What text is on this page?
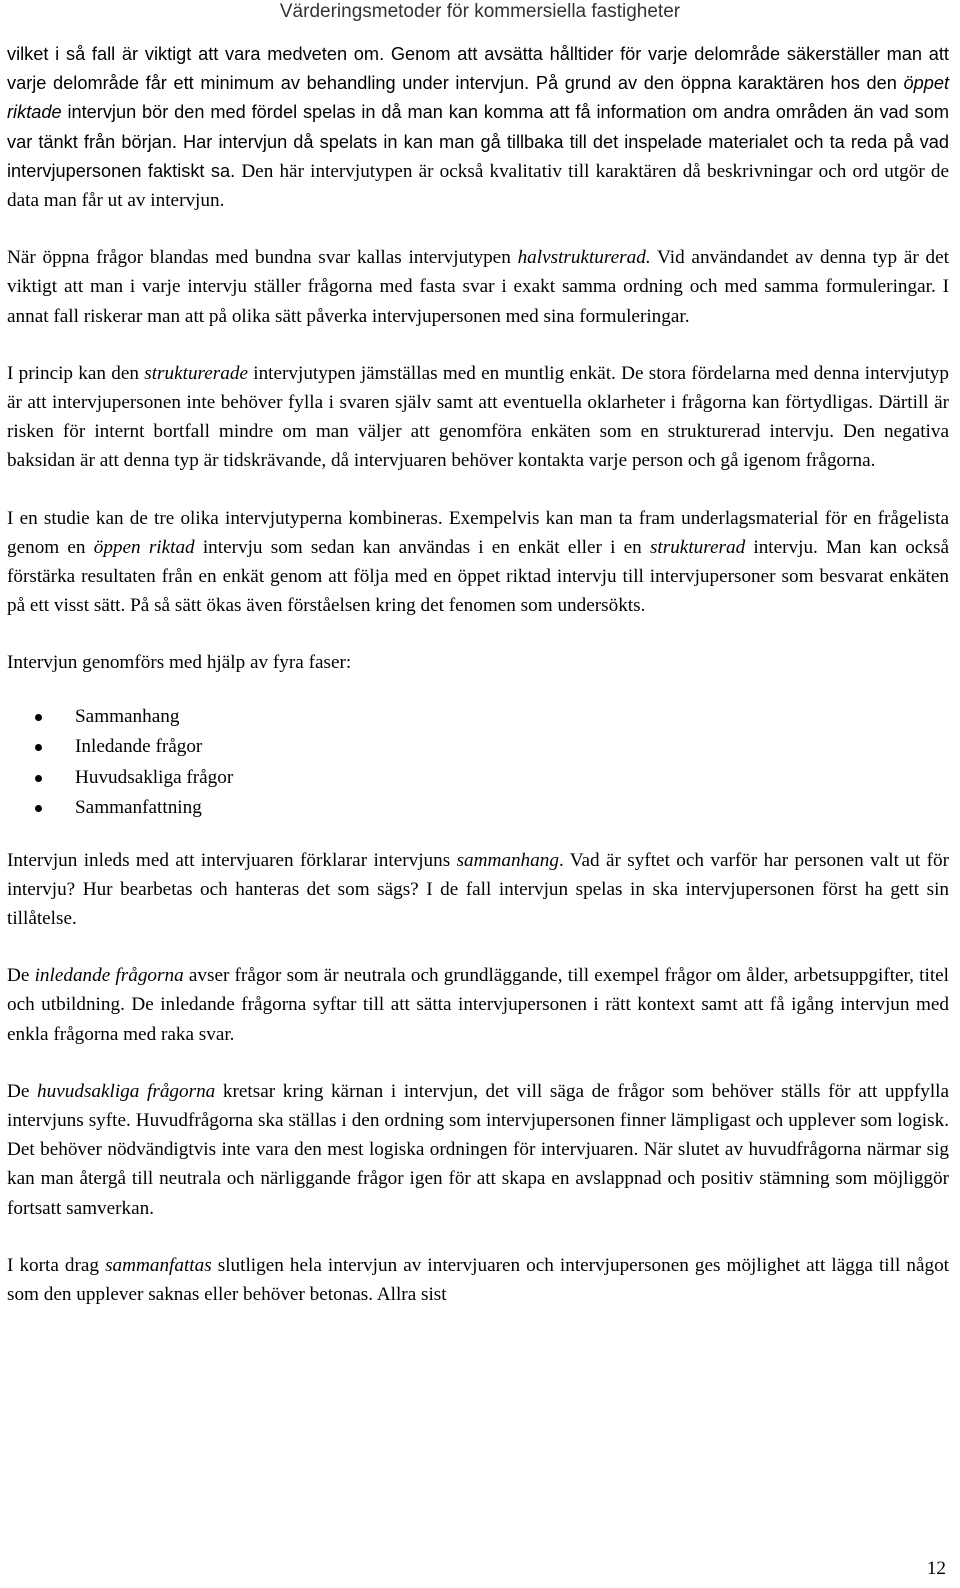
Värderingsmetoder för kommersiella fastigheter

vilket i så fall är viktigt att vara medveten om. Genom att avsätta hålltider för varje delområde säkerställer man att varje delområde får ett minimum av behandling under intervjun. På grund av den öppna karaktären hos den öppet riktade intervjun bör den med fördel spelas in då man kan komma att få information om andra områden än vad som var tänkt från början. Har intervjun då spelats in kan man gå tillbaka till det inspelade materialet och ta reda på vad intervjupersonen faktiskt sa. Den här intervjutypen är också kvalitativ till karaktären då beskrivningar och ord utgör de data man får ut av intervjun.

När öppna frågor blandas med bundna svar kallas intervjutypen halvstrukturerad. Vid användandet av denna typ är det viktigt att man i varje intervju ställer frågorna med fasta svar i exakt samma ordning och med samma formuleringar. I annat fall riskerar man att på olika sätt påverka intervjupersonen med sina formuleringar.

I princip kan den strukturerade intervjutypen jämställas med en muntlig enkät. De stora fördelarna med denna intervjutyp är att intervjupersonen inte behöver fylla i svaren själv samt att eventuella oklarheter i frågorna kan förtydligas. Därtill är risken för internt bortfall mindre om man väljer att genomföra enkäten som en strukturerad intervju. Den negativa baksidan är att denna typ är tidskrävande, då intervjuaren behöver kontakta varje person och gå igenom frågorna.

I en studie kan de tre olika intervjutyperna kombineras. Exempelvis kan man ta fram underlagsmaterial för en frågelista genom en öppen riktad intervju som sedan kan användas i en enkät eller i en strukturerad intervju. Man kan också förstärka resultaten från en enkät genom att följa med en öppet riktad intervju till intervjupersoner som besvarat enkäten på ett visst sätt. På så sätt ökas även förståelsen kring det fenomen som undersökts.

Intervjun genomförs med hjälp av fyra faser:

Sammanhang
Inledande frågor
Huvudsakliga frågor
Sammanfattning

Intervjun inleds med att intervjuaren förklarar intervjuns sammanhang. Vad är syftet och varför har personen valt ut för intervju? Hur bearbetas och hanteras det som sägs? I de fall intervjun spelas in ska intervjupersonen först ha gett sin tillåtelse.

De inledande frågorna avser frågor som är neutrala och grundläggande, till exempel frågor om ålder, arbetsuppgifter, titel och utbildning. De inledande frågorna syftar till att sätta intervjupersonen i rätt kontext samt att få igång intervjun med enkla frågorna med raka svar.

De huvudsakliga frågorna kretsar kring kärnan i intervjun, det vill säga de frågor som behöver ställs för att uppfylla intervjuns syfte. Huvudfrågorna ska ställas i den ordning som intervjupersonen finner lämpligast och upplever som logisk. Det behöver nödvändigtvis inte vara den mest logiska ordningen för intervjuaren. När slutet av huvudfrågorna närmar sig kan man återgå till neutrala och närliggande frågor igen för att skapa en avslappnad och positiv stämning som möjliggör fortsatt samverkan.

I korta drag sammanfattas slutligen hela intervjun av intervjuaren och intervjupersonen ges möjlighet att lägga till något som den upplever saknas eller behöver betonas. Allra sist

12
